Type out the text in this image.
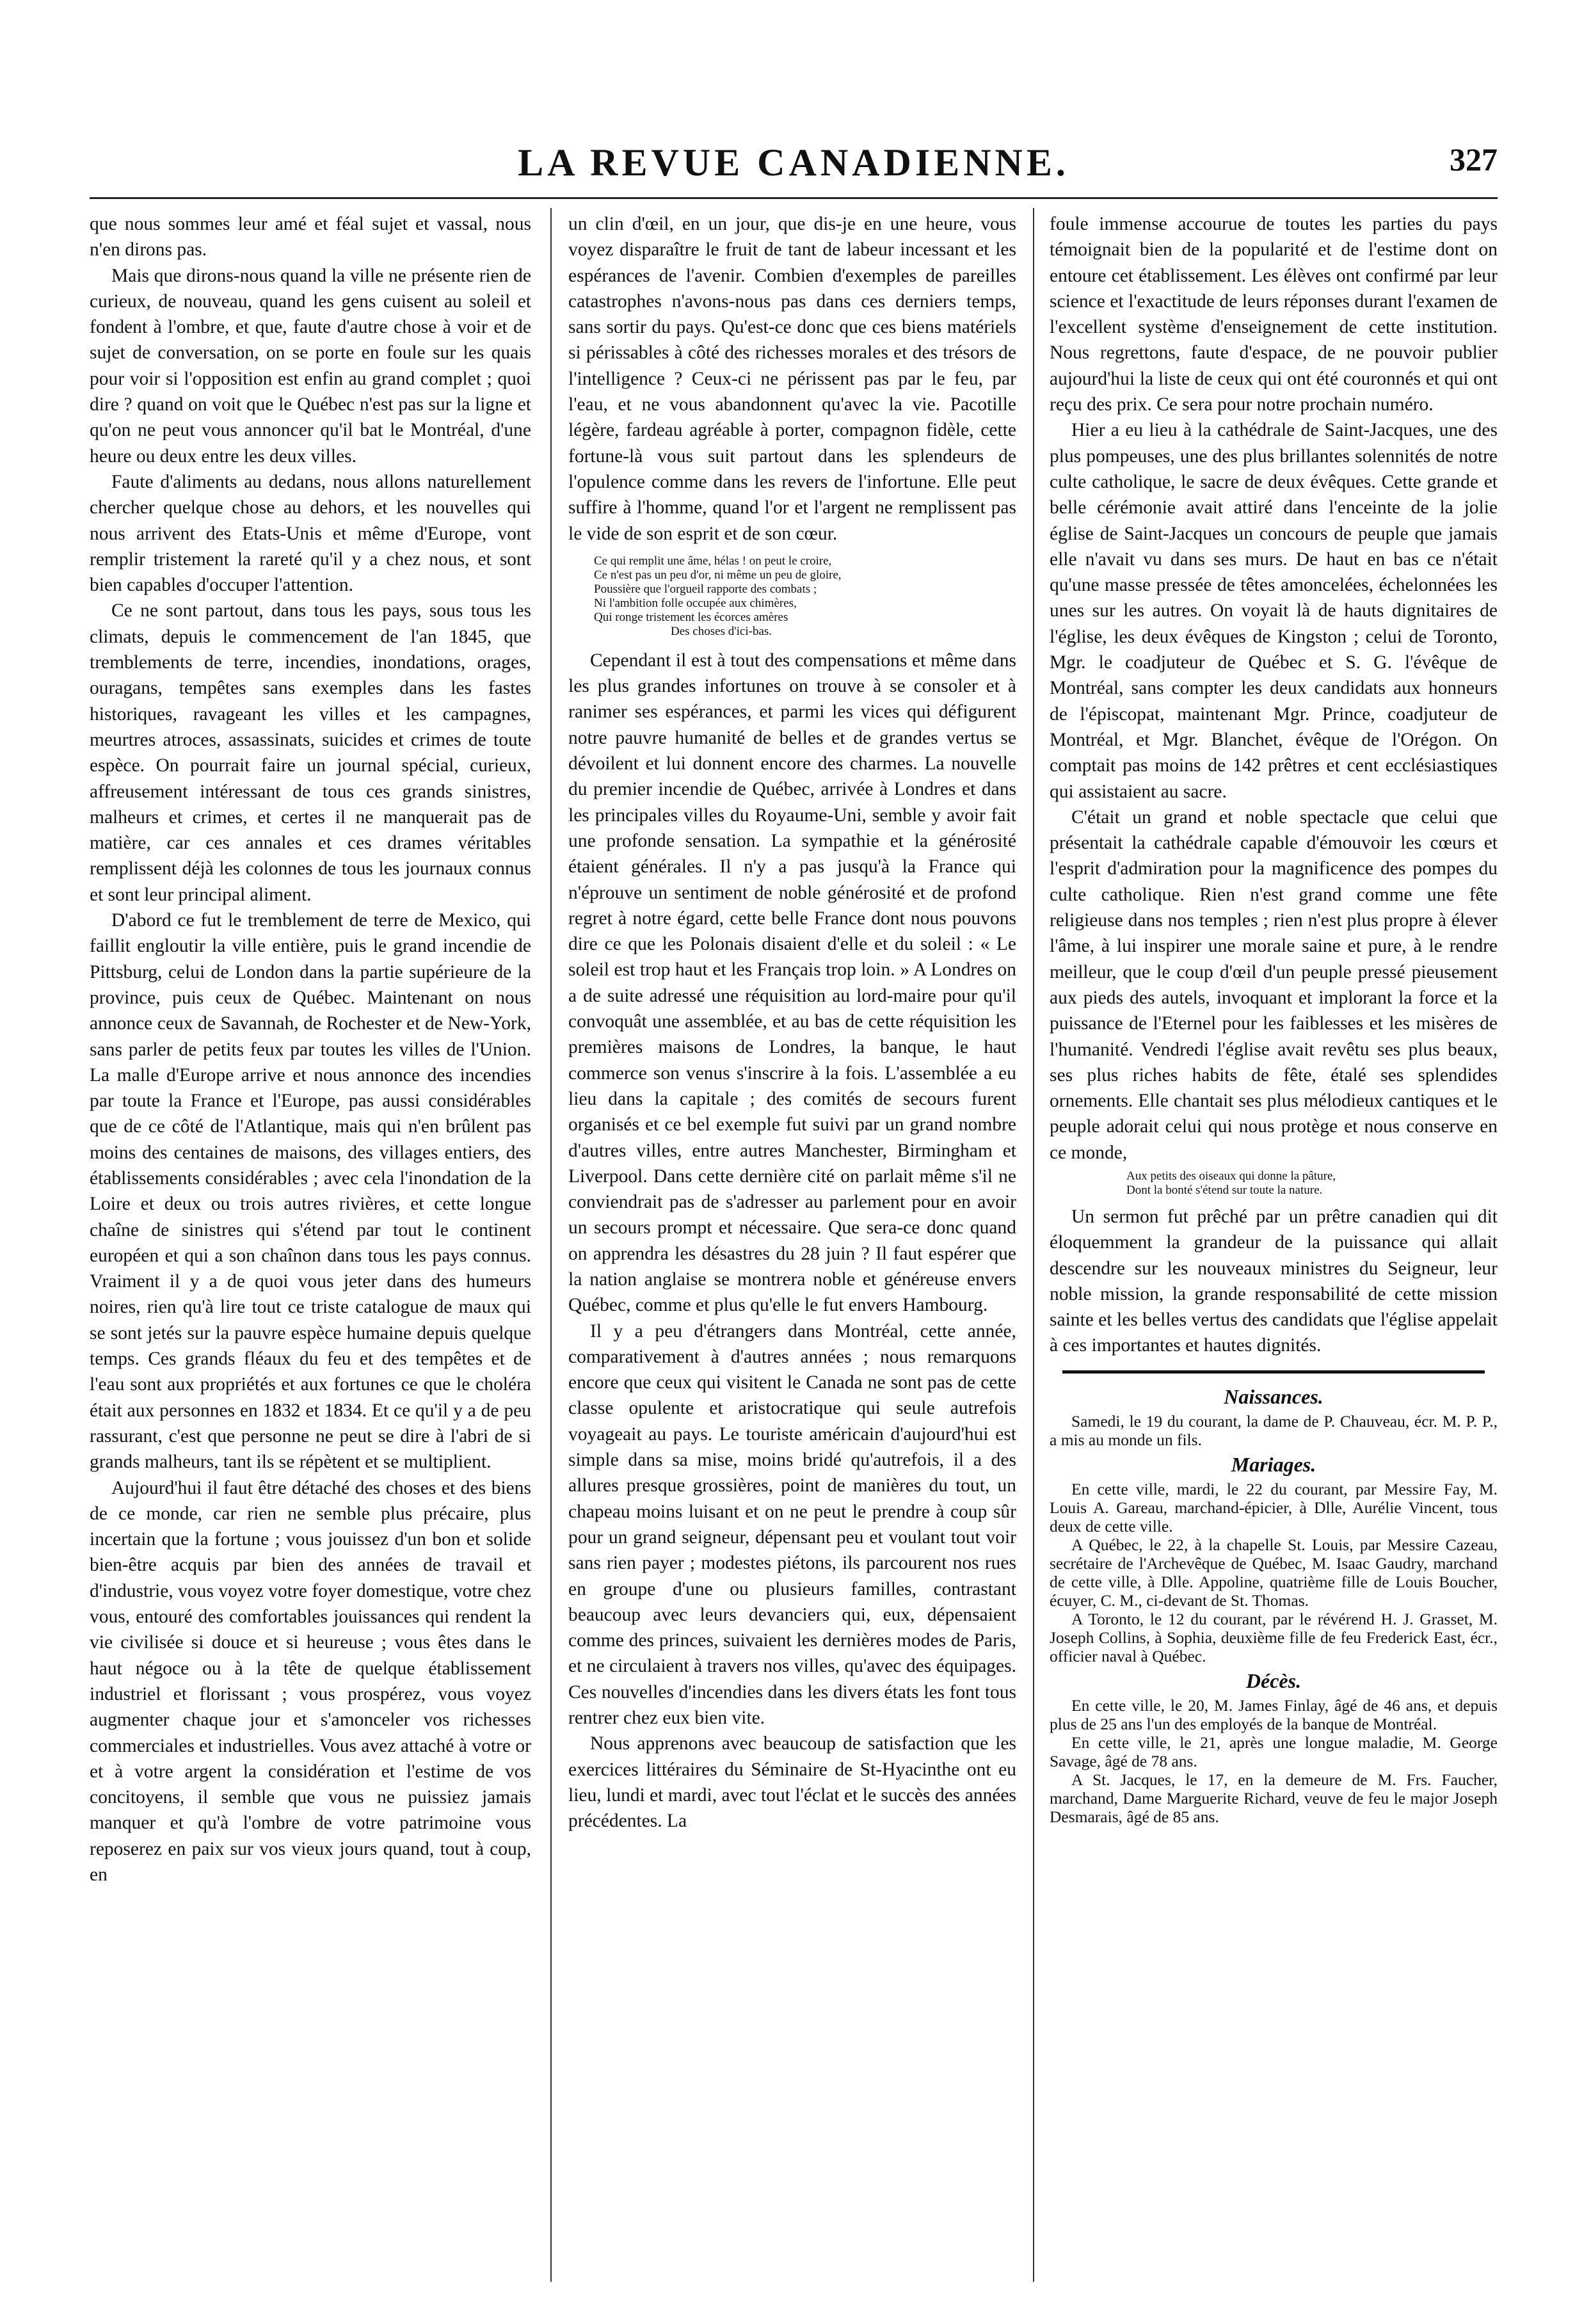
LA REVUE CANADIENNE.	327

que nous sommes leur amé et féal sujet et vassal, nous n'en dirons pas.

Mais que dirons-nous quand la ville ne présente rien de curieux, de nouveau, quand les gens cuisent au soleil et fondent à l'ombre, et que, faute d'autre chose à voir et de sujet de conversation, on se porte en foule sur les quais pour voir si l'opposition est enfin au grand complet ; quoi dire ? quand on voit que le Québec n'est pas sur la ligne et qu'on ne peut vous annoncer qu'il bat le Montréal, d'une heure ou deux entre les deux villes.

Faute d'aliments au dedans, nous allons naturellement chercher quelque chose au dehors, et les nouvelles qui nous arrivent des Etats-Unis et même d'Europe, vont remplir tristement la rareté qu'il y a chez nous, et sont bien capables d'occuper l'attention.

Ce ne sont partout, dans tous les pays, sous tous les climats, depuis le commencement de l'an 1845, que tremblements de terre, incendies, inondations, orages, ouragans, tempêtes sans exemples dans les fastes historiques, ravageant les villes et les campagnes, meurtres atroces, assassinats, suicides et crimes de toute espèce. On pourrait faire un journal spécial, curieux, affreusement intéressant de tous ces grands sinistres, malheurs et crimes, et certes il ne manquerait pas de matière, car ces annales et ces drames véritables remplissent déjà les colonnes de tous les journaux connus et sont leur principal aliment.

D'abord ce fut le tremblement de terre de Mexico, qui faillit engloutir la ville entière, puis le grand incendie de Pittsburg, celui de London dans la partie supérieure de la province, puis ceux de Québec. Maintenant on nous annonce ceux de Savannah, de Rochester et de New-York, sans parler de petits feux par toutes les villes de l'Union. La malle d'Europe arrive et nous annonce des incendies par toute la France et l'Europe, pas aussi considérables que de ce côté de l'Atlantique, mais qui n'en brûlent pas moins des centaines de maisons, des villages entiers, des établissements considérables ; avec cela l'inondation de la Loire et deux ou trois autres rivières, et cette longue chaîne de sinistres qui s'étend par tout le continent européen et qui a son chaînon dans tous les pays connus. Vraiment il y a de quoi vous jeter dans des humeurs noires, rien qu'à lire tout ce triste catalogue de maux qui se sont jetés sur la pauvre espèce humaine depuis quelque temps. Ces grands fléaux du feu et des tempêtes et de l'eau sont aux propriétés et aux fortunes ce que le choléra était aux personnes en 1832 et 1834. Et ce qu'il y a de peu rassurant, c'est que personne ne peut se dire à l'abri de si grands malheurs, tant ils se répètent et se multiplient.

Aujourd'hui il faut être détaché des choses et des biens de ce monde, car rien ne semble plus précaire, plus incertain que la fortune ; vous jouissez d'un bon et solide bien-être acquis par bien des années de travail et d'industrie, vous voyez votre foyer domestique, votre chez vous, entouré des comfortables jouissances qui rendent la vie civilisée si douce et si heureuse ; vous êtes dans le haut négoce ou à la tête de quelque établissement industriel et florissant ; vous prospérez, vous voyez augmenter chaque jour et s'amonceler vos richesses commerciales et industrielles. Vous avez attaché à votre or et à votre argent la considération et l'estime de vos concitoyens, il semble que vous ne puissiez jamais manquer et qu'à l'ombre de votre patrimoine vous reposerez en paix sur vos vieux jours quand, tout à coup, en

un clin d'œil, en un jour, que dis-je en une heure, vous voyez disparaître le fruit de tant de labeur incessant et les espérances de l'avenir. Combien d'exemples de pareilles catastrophes n'avons-nous pas dans ces derniers temps, sans sortir du pays. Qu'est-ce donc que ces biens matériels si périssables à côté des richesses morales et des trésors de l'intelligence ? Ceux-ci ne périssent pas par le feu, par l'eau, et ne vous abandonnent qu'avec la vie. Pacotille légère, fardeau agréable à porter, compagnon fidèle, cette fortune-là vous suit partout dans les splendeurs de l'opulence comme dans les revers de l'infortune. Elle peut suffire à l'homme, quand l'or et l'argent ne remplissent pas le vide de son esprit et de son cœur.

Ce qui remplit une âme, hélas ! on peut le croire,
Ce n'est pas un peu d'or, ni même un peu de gloire,
Poussière que l'orgueil rapporte des combats ;
Ni l'ambition folle occupée aux chimères,
Qui ronge tristement les écorces amères
Des choses d'ici-bas.

Cependant il est à tout des compensations et même dans les plus grandes infortunes on trouve à se consoler et à ranimer ses espérances, et parmi les vices qui défigurent notre pauvre humanité de belles et de grandes vertus se dévoilent et lui donnent encore des charmes. La nouvelle du premier incendie de Québec, arrivée à Londres et dans les principales villes du Royaume-Uni, semble y avoir fait une profonde sensation. La sympathie et la générosité étaient générales. Il n'y a pas jusqu'à la France qui n'éprouve un sentiment de noble générosité et de profond regret à notre égard, cette belle France dont nous pouvons dire ce que les Polonais disaient d'elle et du soleil : « Le soleil est trop haut et les Français trop loin. » A Londres on a de suite adressé une réquisition au lord-maire pour qu'il convoquât une assemblée, et au bas de cette réquisition les premières maisons de Londres, la banque, le haut commerce son venus s'inscrire à la fois. L'assemblée a eu lieu dans la capitale ; des comités de secours furent organisés et ce bel exemple fut suivi par un grand nombre d'autres villes, entre autres Manchester, Birmingham et Liverpool. Dans cette dernière cité on parlait même s'il ne conviendrait pas de s'adresser au parlement pour en avoir un secours prompt et nécessaire. Que sera-ce donc quand on apprendra les désastres du 28 juin ? Il faut espérer que la nation anglaise se montrera noble et généreuse envers Québec, comme et plus qu'elle le fut envers Hambourg.

Il y a peu d'étrangers dans Montréal, cette année, comparativement à d'autres années ; nous remarquons encore que ceux qui visitent le Canada ne sont pas de cette classe opulente et aristocratique qui seule autrefois voyageait au pays. Le touriste américain d'aujourd'hui est simple dans sa mise, moins bridé qu'autrefois, il a des allures presque grossières, point de manières du tout, un chapeau moins luisant et on ne peut le prendre à coup sûr pour un grand seigneur, dépensant peu et voulant tout voir sans rien payer ; modestes piétons, ils parcourent nos rues en groupe d'une ou plusieurs familles, contrastant beaucoup avec leurs devanciers qui, eux, dépensaient comme des princes, suivaient les dernières modes de Paris, et ne circulaient à travers nos villes, qu'avec des équipages. Ces nouvelles d'incendies dans les divers états les font tous rentrer chez eux bien vite.

Nous apprenons avec beaucoup de satisfaction que les exercices littéraires du Séminaire de St-Hyacinthe ont eu lieu, lundi et mardi, avec tout l'éclat et le succès des années précédentes. La

foule immense accourue de toutes les parties du pays témoignait bien de la popularité et de l'estime dont on entoure cet établissement. Les élèves ont confirmé par leur science et l'exactitude de leurs réponses durant l'examen de l'excellent système d'enseignement de cette institution. Nous regrettons, faute d'espace, de ne pouvoir publier aujourd'hui la liste de ceux qui ont été couronnés et qui ont reçu des prix. Ce sera pour notre prochain numéro.

Hier a eu lieu à la cathédrale de Saint-Jacques, une des plus pompeuses, une des plus brillantes solennités de notre culte catholique, le sacre de deux évêques. Cette grande et belle cérémonie avait attiré dans l'enceinte de la jolie église de Saint-Jacques un concours de peuple que jamais elle n'avait vu dans ses murs. De haut en bas ce n'était qu'une masse pressée de têtes amoncelées, échelonnées les unes sur les autres. On voyait là de hauts dignitaires de l'église, les deux évêques de Kingston ; celui de Toronto, Mgr. le coadjuteur de Québec et S. G. l'évêque de Montréal, sans compter les deux candidats aux honneurs de l'épiscopat, maintenant Mgr. Prince, coadjuteur de Montréal, et Mgr. Blanchet, évêque de l'Orégon. On comptait pas moins de 142 prêtres et cent ecclésiastiques qui assistaient au sacre.

C'était un grand et noble spectacle que celui que présentait la cathédrale capable d'émouvoir les cœurs et l'esprit d'admiration pour la magnificence des pompes du culte catholique. Rien n'est grand comme une fête religieuse dans nos temples ; rien n'est plus propre à élever l'âme, à lui inspirer une morale saine et pure, à le rendre meilleur, que le coup d'œil d'un peuple pressé pieusement aux pieds des autels, invoquant et implorant la force et la puissance de l'Eternel pour les faiblesses et les misères de l'humanité. Vendredi l'église avait revêtu ses plus beaux, ses plus riches habits de fête, étalé ses splendides ornements. Elle chantait ses plus mélodieux cantiques et le peuple adorait celui qui nous protège et nous conserve en ce monde,

Aux petits des oiseaux qui donne la pâture,
Dont la bonté s'étend sur toute la nature.

Un sermon fut prêché par un prêtre canadien qui dit éloquemment la grandeur de la puissance qui allait descendre sur les nouveaux ministres du Seigneur, leur noble mission, la grande responsabilité de cette mission sainte et les belles vertus des candidats que l'église appelait à ces importantes et hautes dignités.

Naissances.

Samedi, le 19 du courant, la dame de P. Chauveau, écr. M. P. P., a mis au monde un fils.

Mariages.

En cette ville, mardi, le 22 du courant, par Messire Fay, M. Louis A. Gareau, marchand-épicier, à Dlle, Aurélie Vincent, tous deux de cette ville.

A Québec, le 22, à la chapelle St. Louis, par Messire Cazeau, secrétaire de l'Archevêque de Québec, M. Isaac Gaudry, marchand de cette ville, à Dlle. Appoline, quatrième fille de Louis Boucher, écuyer, C. M., ci-devant de St. Thomas.

A Toronto, le 12 du courant, par le révérend H. J. Grasset, M. Joseph Collins, à Sophia, deuxième fille de feu Frederick East, écr., officier naval à Québec.

Décès.

En cette ville, le 20, M. James Finlay, âgé de 46 ans, et depuis plus de 25 ans l'un des employés de la banque de Montréal.

En cette ville, le 21, après une longue maladie, M. George Savage, âgé de 78 ans.

A St. Jacques, le 17, en la demeure de M. Frs. Faucher, marchand, Dame Marguerite Richard, veuve de feu le major Joseph Desmarais, âgé de 85 ans.
